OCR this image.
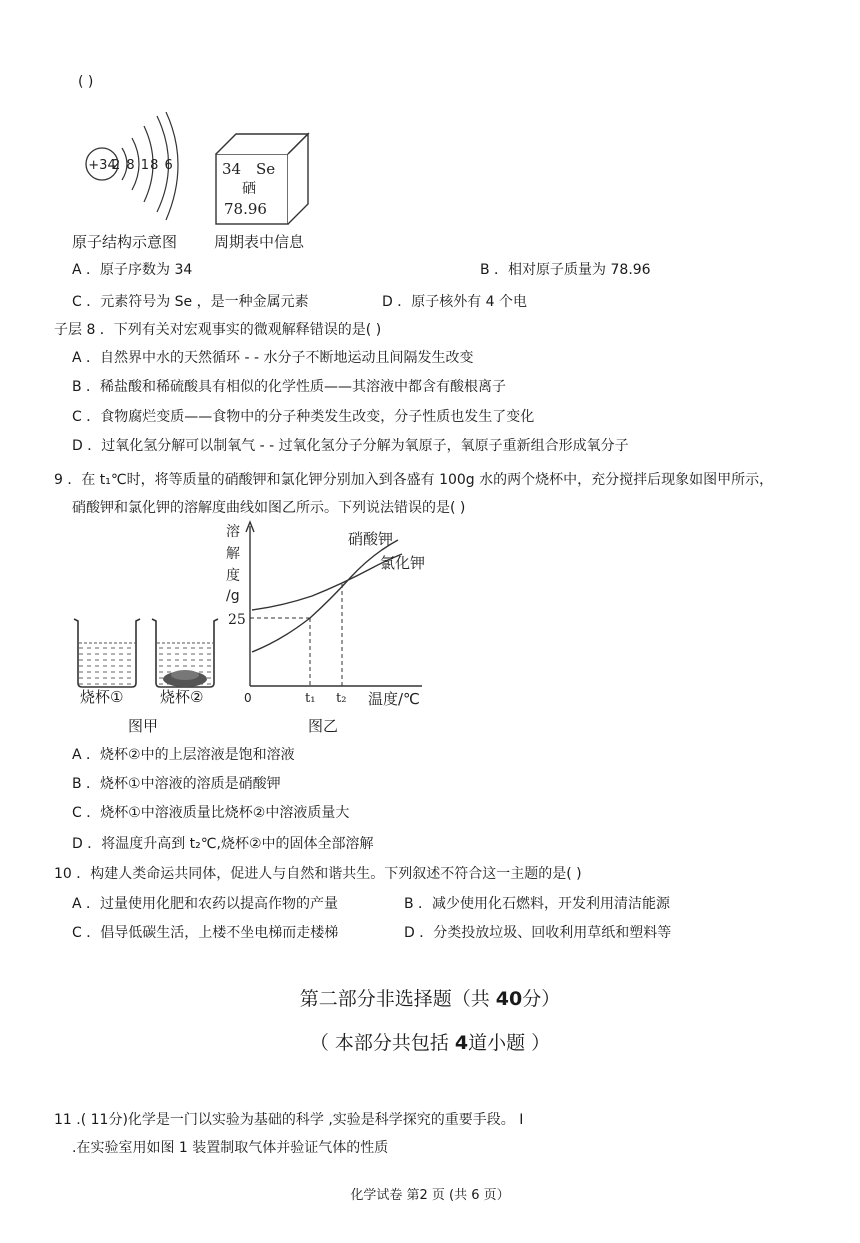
( )
+34
2 8 18 6	34 Se
硒
78.96
原子结构示意图 周期表中信息
A ．原子序数为 34	B ．相对原子质量为 78.96
C ．元素符号为 Se ，是一种金属元素	D ．原子核外有 4 个电
子层 8 ．下列有关对宏观事实的微观解释错误的是( )
A ．自然界中水的天然循环 - - 水分子不断地运动且间隔发生改变
B ．稀盐酸和稀硫酸具有相似的化学性质——其溶液中都含有酸根离子
C ．食物腐烂变质——食物中的分子种类发生改变，分子性质也发生了变化
D ．过氧化氢分解可以制氧气 - - 过氧化氢分子分解为氧原子，氧原子重新组合形成氧分子
9 ．在 t₁℃时，将等质量的硝酸钾和氯化钾分别加入到各盛有 100g 水的两个烧杯中，充分搅拌后现象如图甲所示，
硝酸钾和氯化钾的溶解度曲线如图乙所示。下列说法错误的是( )
烧杯① 烧杯②
图甲
溶
解
度
/g
25
0	t₁ t₂ 温度/℃
硝酸钾
氯化钾
图乙
A ．烧杯②中的上层溶液是饱和溶液
B ．烧杯①中溶液的溶质是硝酸钾
C ．烧杯①中溶液质量比烧杯②中溶液质量大
D ．将温度升高到 t₂℃,烧杯②中的固体全部溶解
10 ．构建人类命运共同体，促进人与自然和谐共生。下列叙述不符合这一主题的是( )
A ．过量使用化肥和农药以提高作物的产量	B ．减少使用化石燃料，开发利用清洁能源
C ．倡导低碳生活，上楼不坐电梯而走楼梯	D ．分类投放垃圾、回收利用草纸和塑料等
第二部分非选择题（共 40分）
（ 本部分共包括 4道小题 ）
11 .( 11分)化学是一门以实验为基础的科学 ,实验是科学探究的重要手段。 I
.在实验室用如图 1 装置制取气体并验证气体的性质
化学试卷 第2 页 (共 6 页）
